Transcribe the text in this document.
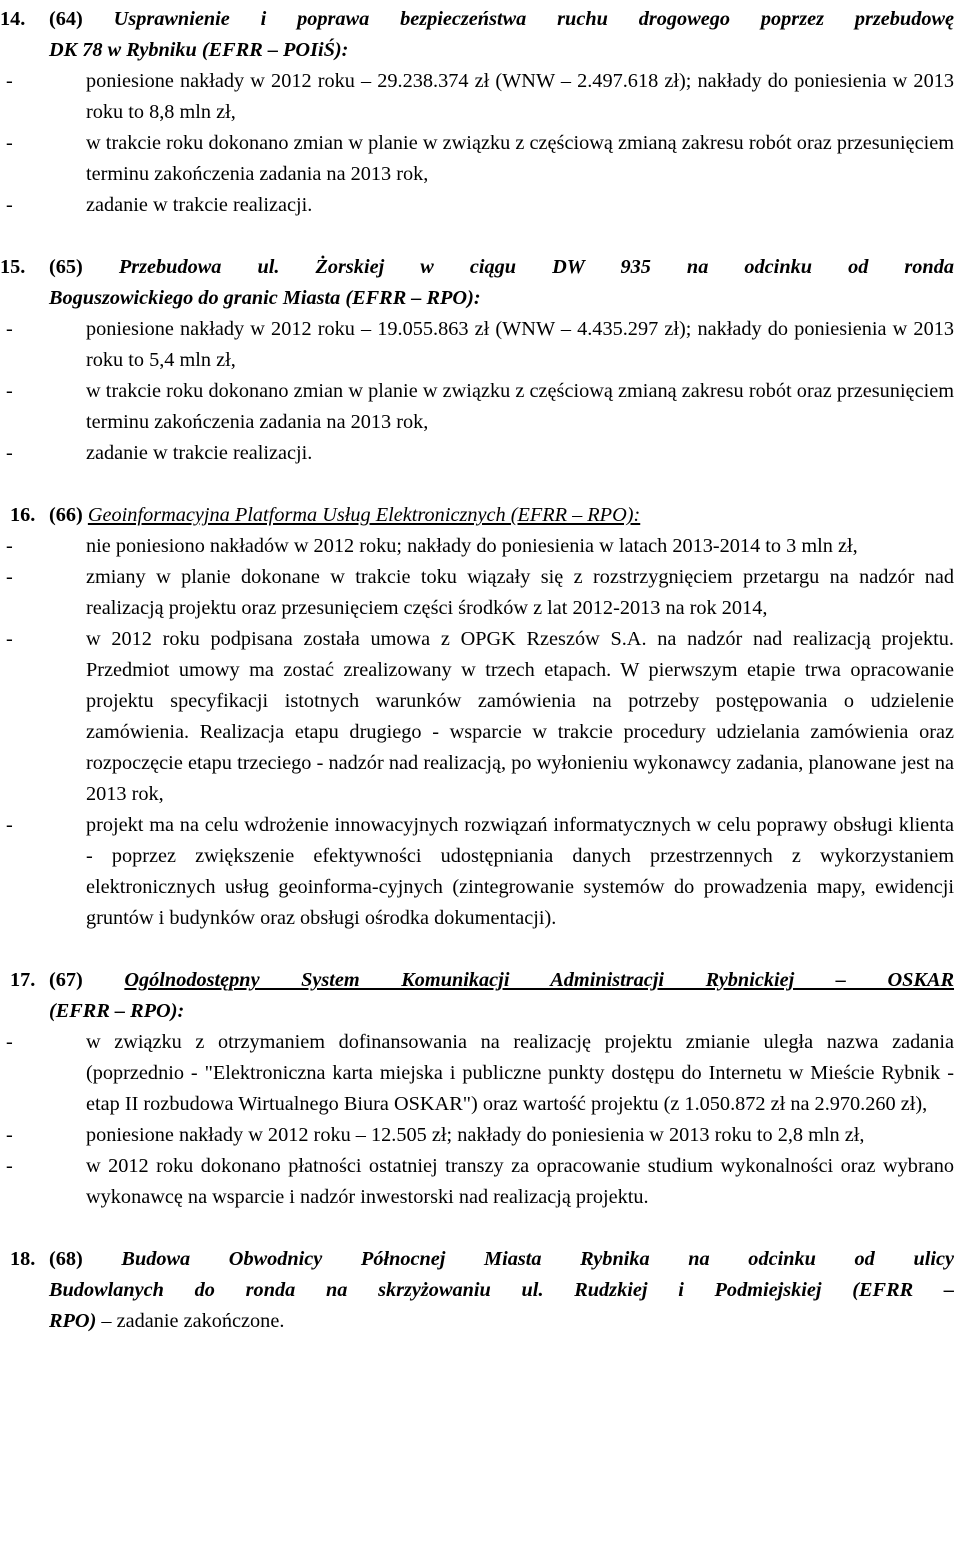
14. (64) Usprawnienie i poprawa bezpieczeństwa ruchu drogowego poprzez przebudowę
DK 78 w Rybniku (EFRR – POIiŚ):
-	poniesione nakłady w 2012 roku – 29.238.374 zł (WNW – 2.497.618 zł); nakłady do poniesienia w 2013 roku to 8,8 mln zł,
-	w trakcie roku dokonano zmian w planie w związku z częściową zmianą zakresu robót oraz przesunięciem terminu zakończenia zadania na 2013 rok,
-	zadanie w trakcie realizacji.
15. (65) Przebudowa ul. Żorskiej w ciągu DW 935 na odcinku od ronda
Boguszowickiego do granic Miasta (EFRR – RPO):
-	poniesione nakłady w 2012 roku – 19.055.863 zł (WNW – 4.435.297 zł); nakłady do poniesienia w 2013 roku to 5,4 mln zł,
-	w trakcie roku dokonano zmian w planie w związku z częściową zmianą zakresu robót oraz przesunięciem terminu zakończenia zadania na 2013 rok,
-	zadanie w trakcie realizacji.
16. (66) Geoinformacyjna Platforma Usług Elektronicznych (EFRR – RPO):
-	nie poniesiono nakładów w 2012 roku; nakłady do poniesienia w latach 2013-2014 to 3 mln zł,
-	zmiany w planie dokonane w trakcie toku wiązały się z rozstrzygnięciem przetargu na nadzór nad realizacją projektu oraz przesunięciem części środków z lat 2012-2013 na rok 2014,
-	w 2012 roku podpisana została umowa z OPGK Rzeszów S.A. na nadzór nad realizacją projektu. Przedmiot umowy ma zostać zrealizowany w trzech etapach. W pierwszym etapie trwa opracowanie projektu specyfikacji istotnych warunków zamówienia na potrzeby postępowania o udzielenie zamówienia. Realizacja etapu drugiego - wsparcie w trakcie procedury udzielania zamówienia oraz rozpoczęcie etapu trzeciego - nadzór nad realizacją, po wyłonieniu wykonawcy zadania, planowane jest na 2013 rok,
-	projekt ma na celu wdrożenie innowacyjnych rozwiązań informatycznych w celu poprawy obsługi klienta - poprzez zwiększenie efektywności udostępniania danych przestrzennych z wykorzystaniem elektronicznych usług geoinforma-cyjnych (zintegrowanie systemów do prowadzenia mapy, ewidencji gruntów i budynków oraz obsługi ośrodka dokumentacji).
17. (67) Ogólnodostępny System Komunikacji Administracji Rybnickiej – OSKAR
(EFRR – RPO):
-	w związku z otrzymaniem dofinansowania na realizację projektu zmianie uległa nazwa zadania (poprzednio - "Elektroniczna karta miejska i publiczne punkty dostępu do Internetu w Mieście Rybnik - etap II rozbudowa Wirtualnego Biura OSKAR") oraz wartość projektu (z 1.050.872 zł na 2.970.260 zł),
-	poniesione nakłady w 2012 roku – 12.505 zł; nakłady do poniesienia w 2013 roku to 2,8 mln zł,
-	w 2012 roku dokonano płatności ostatniej transzy za opracowanie studium wykonalności oraz wybrano wykonawcę na wsparcie i nadzór inwestorski nad realizacją projektu.
18. (68) Budowa Obwodnicy Północnej Miasta Rybnika na odcinku od ulicy
Budowlanych do ronda na skrzyżowaniu ul. Rudzkiej i Podmiejskiej (EFRR –
RPO) – zadanie zakończone.
